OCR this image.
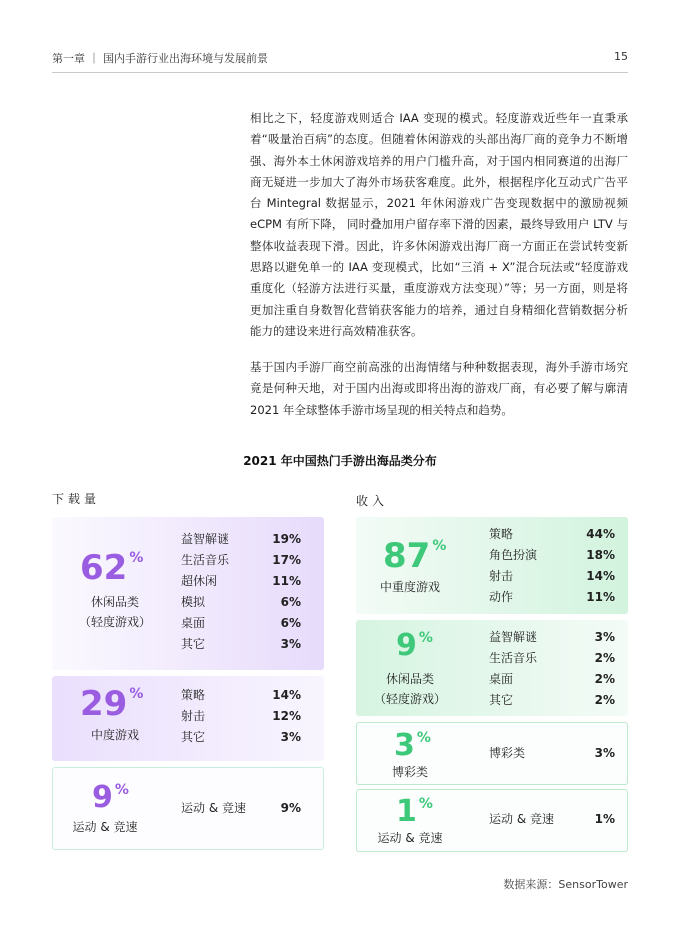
第一章 ｜ 国内手游行业出海环境与发展前景	15
相比之下，轻度游戏则适合 IAA 变现的模式。轻度游戏近些年一直秉承着“吸量治百病”的态度。但随着休闲游戏的头部出海厂商的竞争力不断增强、海外本土休闲游戏培养的用户门槛升高，对于国内相同赛道的出海厂商无疑进一步加大了海外市场获客难度。此外，根据程序化互动式广告平台 Mintegral 数据显示，2021 年休闲游戏广告变现数据中的激励视频 eCPM 有所下降， 同时叠加用户留存率下滑的因素，最终导致用户 LTV 与整体收益表现下滑。因此，许多休闲游戏出海厂商一方面正在尝试转变新思路以避免单一的 IAA 变现模式，比如“三消 + X”混合玩法或“轻度游戏重度化（轻游方法进行买量，重度游戏方法变现）”等；另一方面，则是将更加注重自身数智化营销获客能力的培养，通过自身精细化营销数据分析能力的建设来进行高效精准获客。
基于国内手游厂商空前高涨的出海情绪与种种数据表现，海外手游市场究竟是何种天地，对于国内出海或即将出海的游戏厂商，有必要了解与廓清 2021 年全球整体手游市场呈现的相关特点和趋势。
2021 年中国热门手游出海品类分布
下载量	收入
62 %
休闲品类
（轻度游戏）
益智解谜	19%
生活音乐	17%
超休闲	11%
模拟	6%
桌面	6%
其它	3%
29 %
中度游戏
策略	14%
射击	12%
其它	3%
9 %
运动 & 竞速
运动 & 竞速	9%
87 %
中重度游戏
策略	44%
角色扮演	18%
射击	14%
动作	11%
9 %
休闲品类
（轻度游戏）
益智解谜	3%
生活音乐	2%
桌面	2%
其它	2%
3 %
博彩类
博彩类	3%
1 %
运动 & 竞速
运动 & 竞速	1%
数据来源：SensorTower
